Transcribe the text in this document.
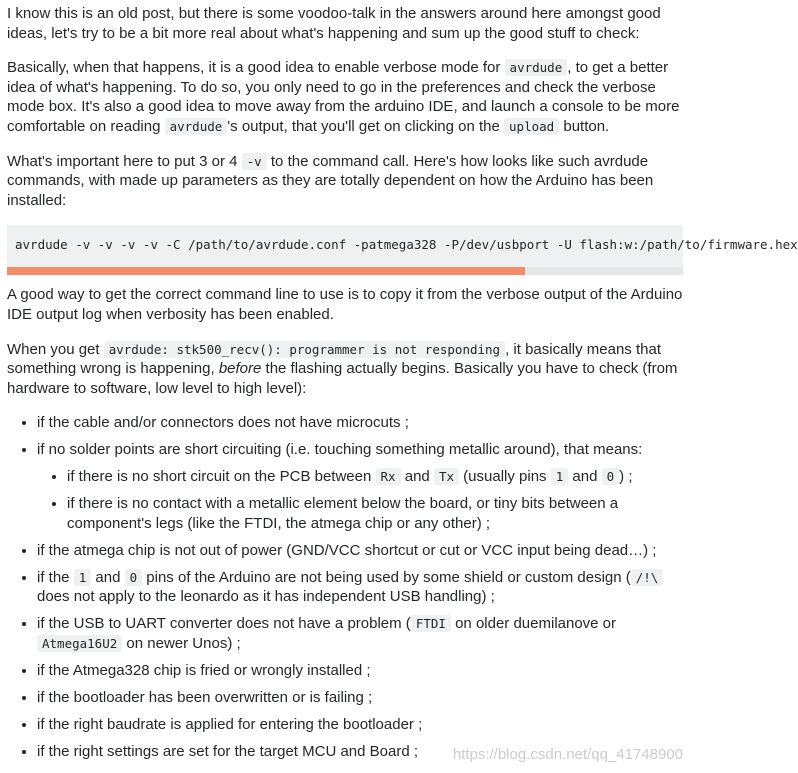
I know this is an old post, but there is some voodoo-talk in the answers around here amongst good ideas, let's try to be a bit more real about what's happening and sum up the good stuff to check:

Basically, when that happens, it is a good idea to enable verbose mode for avrdude , to get a better idea of what's happening. To do so, you only need to go in the preferences and check the verbose mode box. It's also a good idea to move away from the arduino IDE, and launch a console to be more comfortable on reading avrdude 's output, that you'll get on clicking on the upload button.

What's important here to put 3 or 4 -v to the command call. Here's how looks like such avrdude commands, with made up parameters as they are totally dependent on how the Arduino has been installed:

avrdude -v -v -v -v -C /path/to/avrdude.conf -patmega328 -P/dev/usbport -U flash:w:/path/to/firmware.hex

A good way to get the correct command line to use is to copy it from the verbose output of the Arduino IDE output log when verbosity has been enabled.

When you get avrdude: stk500_recv(): programmer is not responding , it basically means that something wrong is happening, before the flashing actually begins. Basically you have to check (from hardware to software, low level to high level):

• if the cable and/or connectors does not have microcuts ;
• if no solder points are short circuiting (i.e. touching something metallic around), that means:
• if there is no short circuit on the PCB between Rx and Tx (usually pins 1 and 0 ) ;
• if there is no contact with a metallic element below the board, or tiny bits between a component's legs (like the FTDI, the atmega chip or any other) ;
• if the atmega chip is not out of power (GND/VCC shortcut or cut or VCC input being dead…) ;
• if the 1 and 0 pins of the Arduino are not being used by some shield or custom design ( /!\ does not apply to the leonardo as it has independent USB handling) ;
• if the USB to UART converter does not have a problem ( FTDI on older duemilanove or Atmega16U2 on newer Unos) ;
• if the Atmega328 chip is fried or wrongly installed ;
• if the bootloader has been overwritten or is failing ;
• if the right baudrate is applied for entering the bootloader ;
• if the right settings are set for the target MCU and Board ;	https://blog.csdn.net/qq_41748900
